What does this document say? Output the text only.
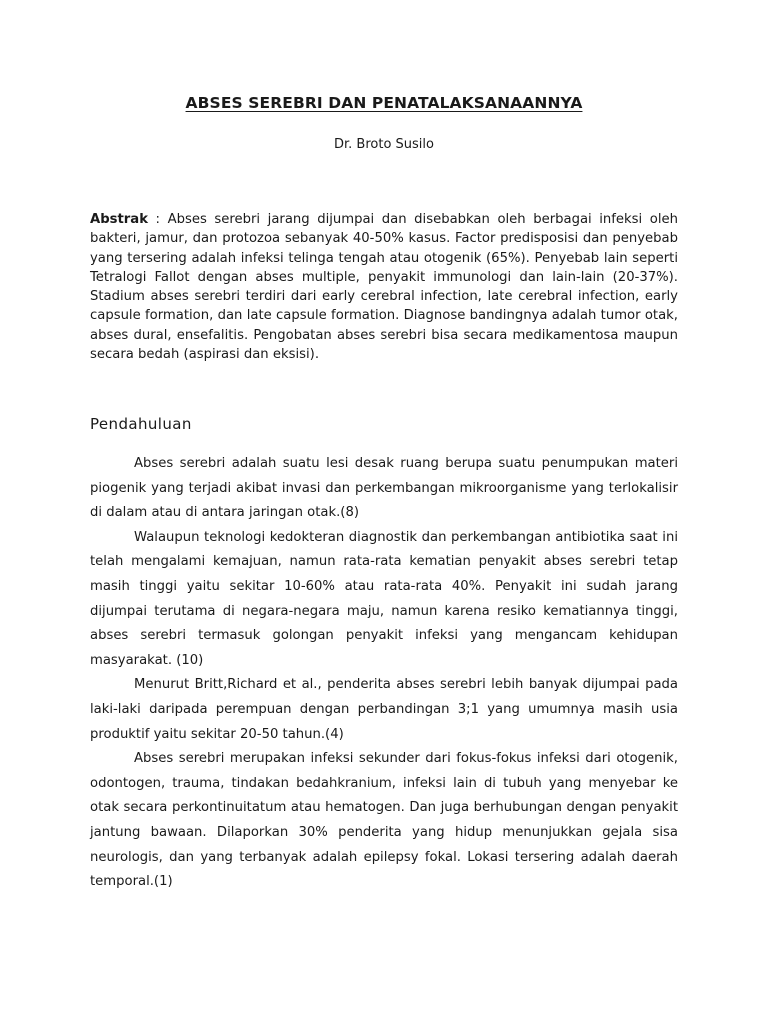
ABSES SEREBRI DAN PENATALAKSANAANNYA
Dr. Broto Susilo
Abstrak : Abses serebri jarang dijumpai dan disebabkan oleh berbagai infeksi oleh bakteri, jamur, dan protozoa sebanyak 40-50% kasus. Factor predisposisi dan penyebab yang tersering adalah infeksi telinga tengah atau otogenik (65%). Penyebab lain seperti Tetralogi Fallot dengan abses multiple, penyakit immunologi dan lain-lain (20-37%). Stadium abses serebri terdiri dari early cerebral infection, late cerebral infection, early capsule formation, dan late capsule formation. Diagnose bandingnya adalah tumor otak, abses dural, ensefalitis. Pengobatan abses serebri bisa secara medikamentosa maupun secara bedah (aspirasi dan eksisi).
Pendahuluan

Abses serebri adalah suatu lesi desak ruang berupa suatu penumpukan materi piogenik yang terjadi akibat invasi dan perkembangan mikroorganisme yang terlokalisir di dalam atau di antara jaringan otak.(8)

Walaupun teknologi kedokteran diagnostik dan perkembangan antibiotika saat ini telah mengalami kemajuan, namun rata-rata kematian penyakit abses serebri tetap masih tinggi yaitu sekitar 10-60% atau rata-rata 40%. Penyakit ini sudah jarang dijumpai terutama di negara-negara maju, namun karena resiko kematiannya tinggi, abses serebri termasuk golongan penyakit infeksi yang mengancam kehidupan masyarakat. (10)

Menurut Britt,Richard et al., penderita abses serebri lebih banyak dijumpai pada laki-laki daripada perempuan dengan perbandingan 3;1 yang umumnya masih usia produktif yaitu sekitar 20-50 tahun.(4)

Abses serebri merupakan infeksi sekunder dari fokus-fokus infeksi dari otogenik, odontogen, trauma, tindakan bedahkranium, infeksi lain di tubuh yang menyebar ke otak secara perkontinuitatum atau hematogen. Dan juga berhubungan dengan penyakit jantung bawaan. Dilaporkan 30% penderita yang hidup menunjukkan gejala sisa neurologis, dan yang terbanyak adalah epilepsy fokal. Lokasi tersering adalah daerah temporal.(1)
